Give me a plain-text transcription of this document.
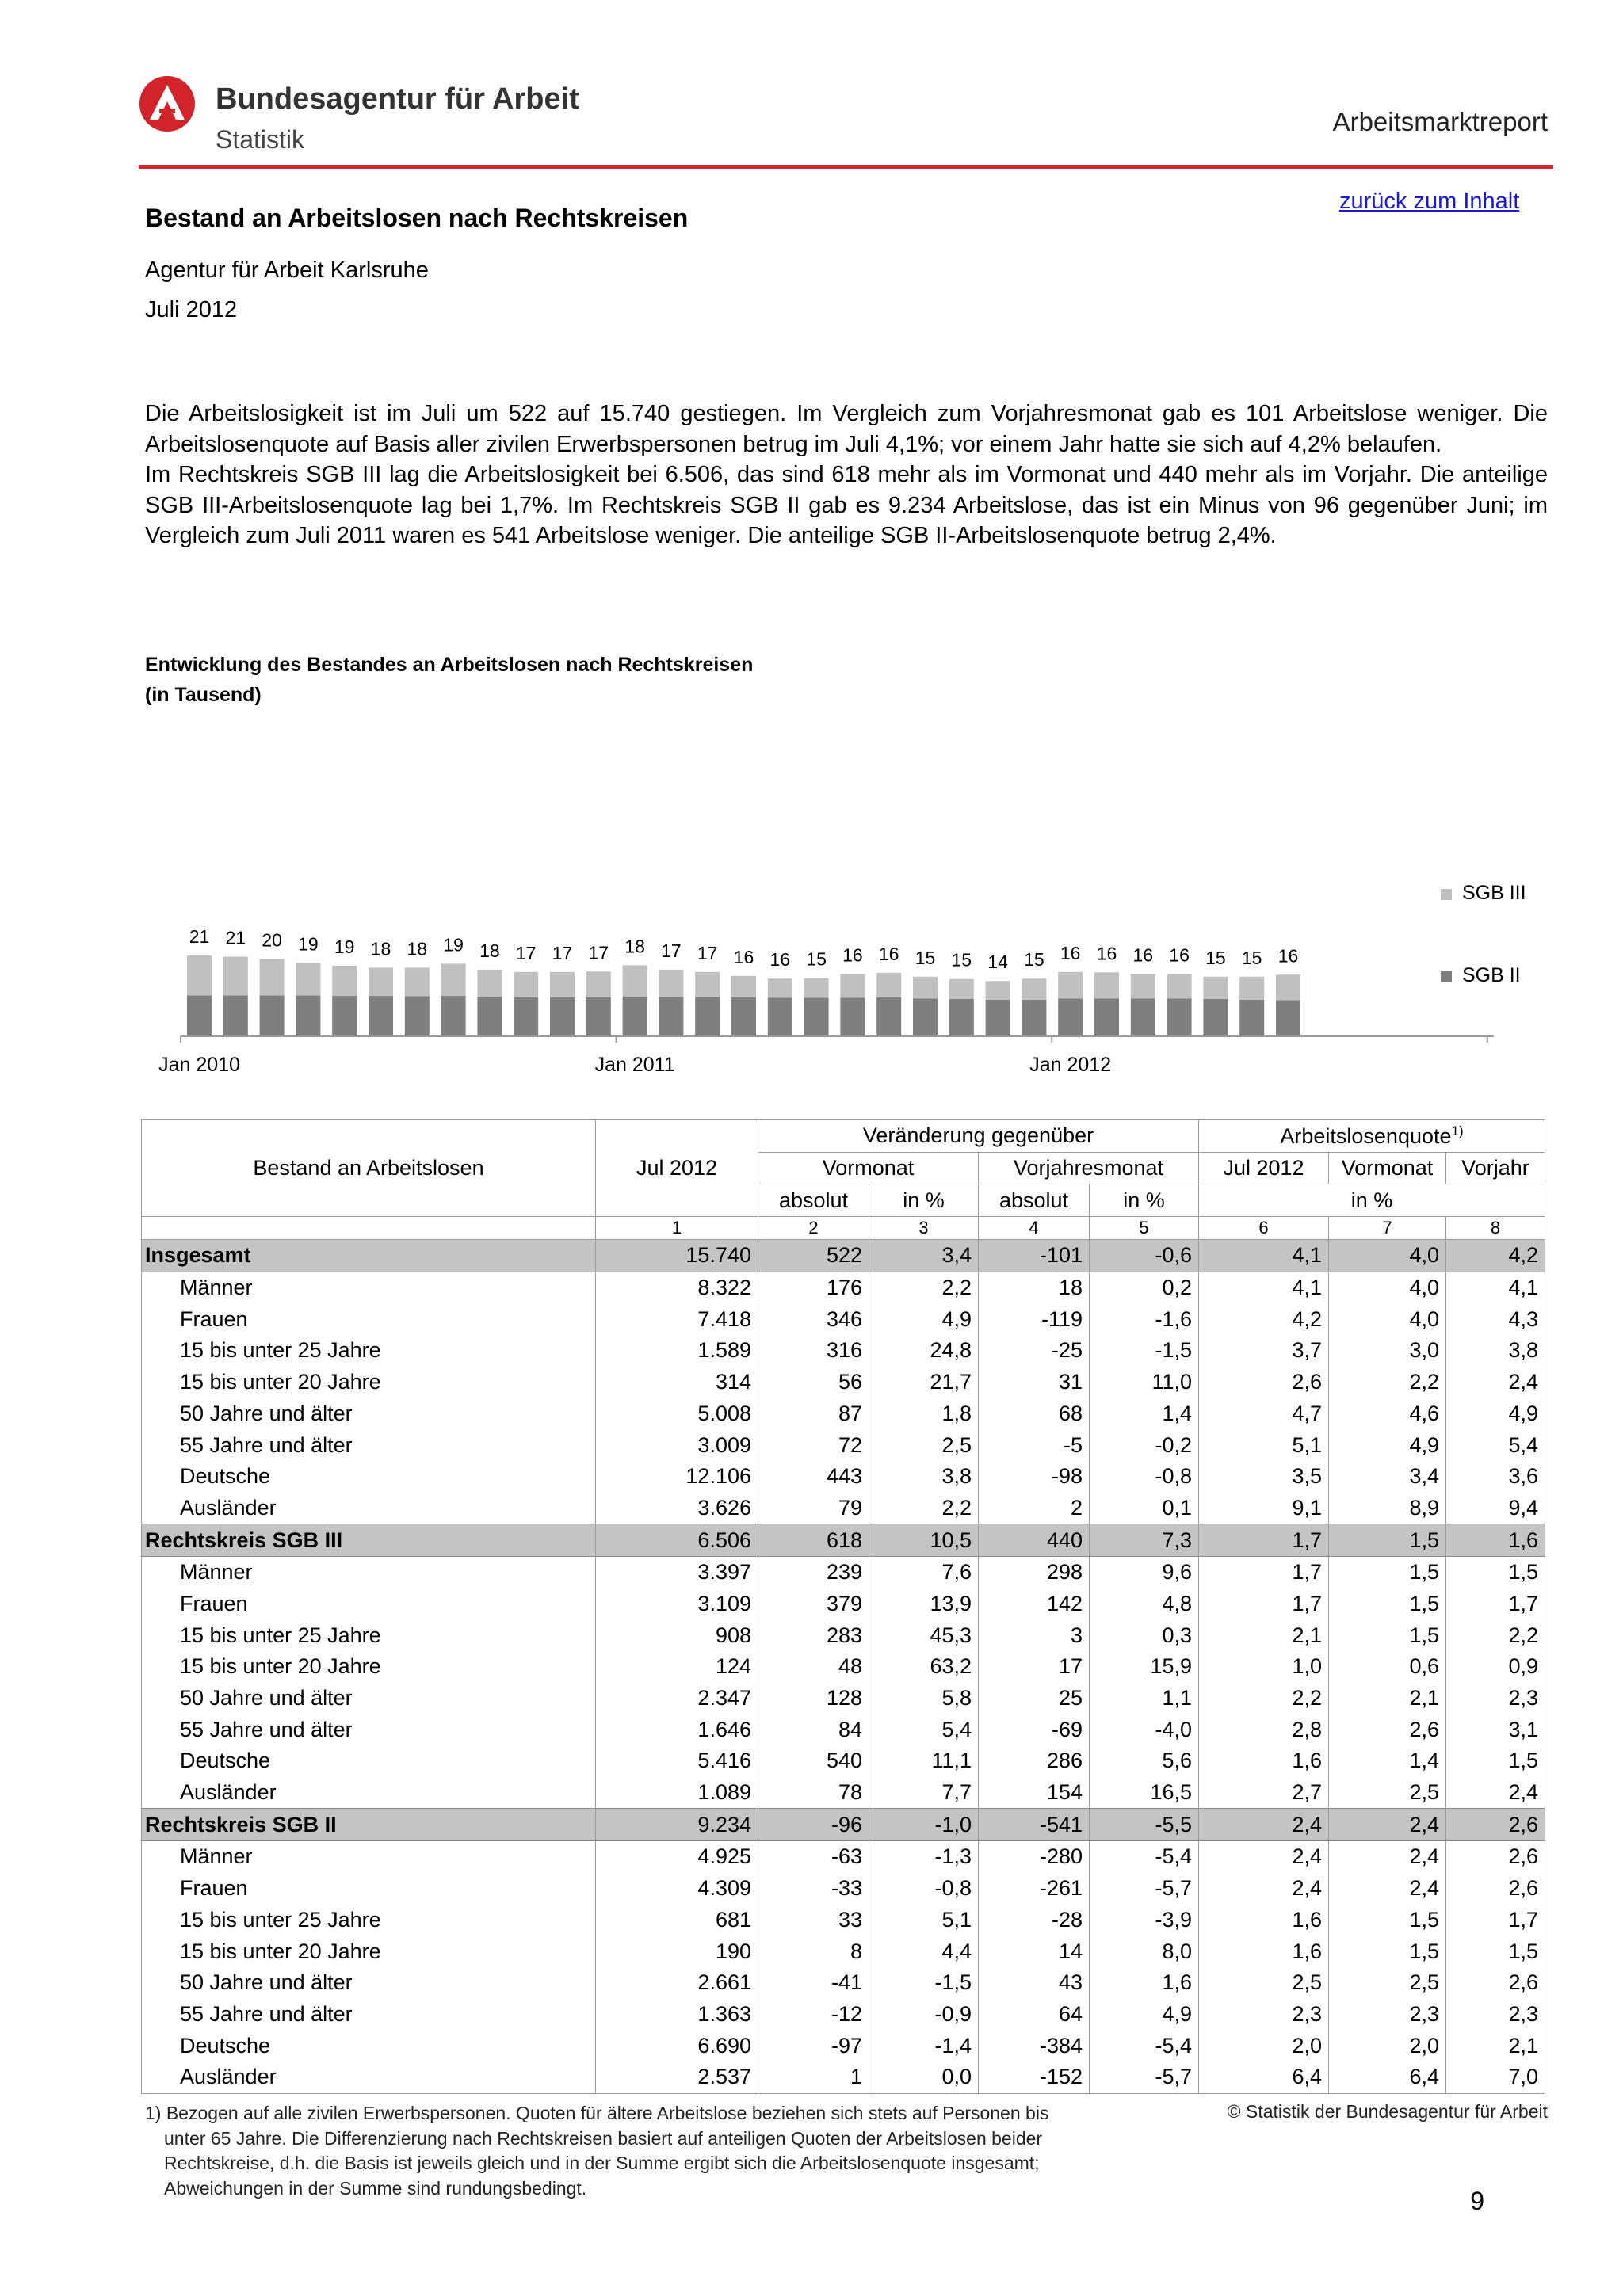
Bundesagentur für Arbeit
Statistik
Arbeitsmarktreport
zurück zum Inhalt
Bestand an Arbeitslosen nach Rechtskreisen
Agentur für Arbeit Karlsruhe
Juli 2012

Die Arbeitslosigkeit ist im Juli um 522 auf 15.740 gestiegen. Im Vergleich zum Vorjahresmonat gab es 101 Arbeitslose weniger. Die Arbeitslosenquote auf Basis aller zivilen Erwerbspersonen betrug im Juli 4,1%; vor einem Jahr hatte sie sich auf 4,2% belaufen.

Im Rechtskreis SGB III lag die Arbeitslosigkeit bei 6.506, das sind 618 mehr als im Vormonat und 440 mehr als im Vorjahr. Die anteilige SGB III-Arbeitslosenquote lag bei 1,7%. Im Rechtskreis SGB II gab es 9.234 Arbeitslose, das ist ein Minus von 96 gegenüber Juni; im Vergleich zum Juli 2011 waren es 541 Arbeitslose weniger. Die anteilige SGB II-Arbeitslosenquote betrug 2,4%.

Entwicklung des Bestandes an Arbeitslosen nach Rechtskreisen
(in Tausend)
21 21 20 19 19 18 18 19 18 17 17 17 18 17 17 16 16 15 16 16 15 15 14 15 16 16 16 16 15 15 16
Jan 2010	Jan 2011	Jan 2012
SGB III
SGB II
Bestand an Arbeitslosen	Jul 2012	Veränderung gegenüber				Arbeitslosenquote$^{1)}$
		Vormonat		Vorjahresmonat		Jul 2012	Vormonat	Vorjahr
		absolut	in %	absolut	in %	in %		
	1	2	3	4	5	6	7	8
Insgesamt	15.740	522	3,4	-101	-0,6	4,1	4,0	4,2
Männer	8.322	176	2,2	18	0,2	4,1	4,0	4,1
Frauen	7.418	346	4,9	-119	-1,6	4,2	4,0	4,3
15 bis unter 25 Jahre	1.589	316	24,8	-25	-1,5	3,7	3,0	3,8
15 bis unter 20 Jahre	314	56	21,7	31	11,0	2,6	2,2	2,4
50 Jahre und älter	5.008	87	1,8	68	1,4	4,7	4,6	4,9
55 Jahre und älter	3.009	72	2,5	-5	-0,2	5,1	4,9	5,4
Deutsche	12.106	443	3,8	-98	-0,8	3,5	3,4	3,6
Ausländer	3.626	79	2,2	2	0,1	9,1	8,9	9,4
Rechtskreis SGB III	6.506	618	10,5	440	7,3	1,7	1,5	1,6
Männer	3.397	239	7,6	298	9,6	1,7	1,5	1,5
Frauen	3.109	379	13,9	142	4,8	1,7	1,5	1,7
15 bis unter 25 Jahre	908	283	45,3	3	0,3	2,1	1,5	2,2
15 bis unter 20 Jahre	124	48	63,2	17	15,9	1,0	0,6	0,9
50 Jahre und älter	2.347	128	5,8	25	1,1	2,2	2,1	2,3
55 Jahre und älter	1.646	84	5,4	-69	-4,0	2,8	2,6	3,1
Deutsche	5.416	540	11,1	286	5,6	1,6	1,4	1,5
Ausländer	1.089	78	7,7	154	16,5	2,7	2,5	2,4
Rechtskreis SGB II	9.234	-96	-1,0	-541	-5,5	2,4	2,4	2,6
Männer	4.925	-63	-1,3	-280	-5,4	2,4	2,4	2,6
Frauen	4.309	-33	-0,8	-261	-5,7	2,4	2,4	2,6
15 bis unter 25 Jahre	681	33	5,1	-28	-3,9	1,6	1,5	1,7
15 bis unter 20 Jahre	190	8	4,4	14	8,0	1,6	1,5	1,5
50 Jahre und älter	2.661	-41	-1,5	43	1,6	2,5	2,5	2,6
55 Jahre und älter	1.363	-12	-0,9	64	4,9	2,3	2,3	2,3
Deutsche	6.690	-97	-1,4	-384	-5,4	2,0	2,0	2,1
Ausländer	2.537	1	0,0	-152	-5,7	6,4	6,4	7,0
1) Bezogen auf alle zivilen Erwerbspersonen. Quoten für ältere Arbeitslose beziehen sich stets auf Personen bis
unter 65 Jahre. Die Differenzierung nach Rechtskreisen basiert auf anteiligen Quoten der Arbeitslosen beider
Rechtskreise, d.h. die Basis ist jeweils gleich und in der Summe ergibt sich die Arbeitslosenquote insgesamt;
Abweichungen in der Summe sind rundungsbedingt.
© Statistik der Bundesagentur für Arbeit
9
